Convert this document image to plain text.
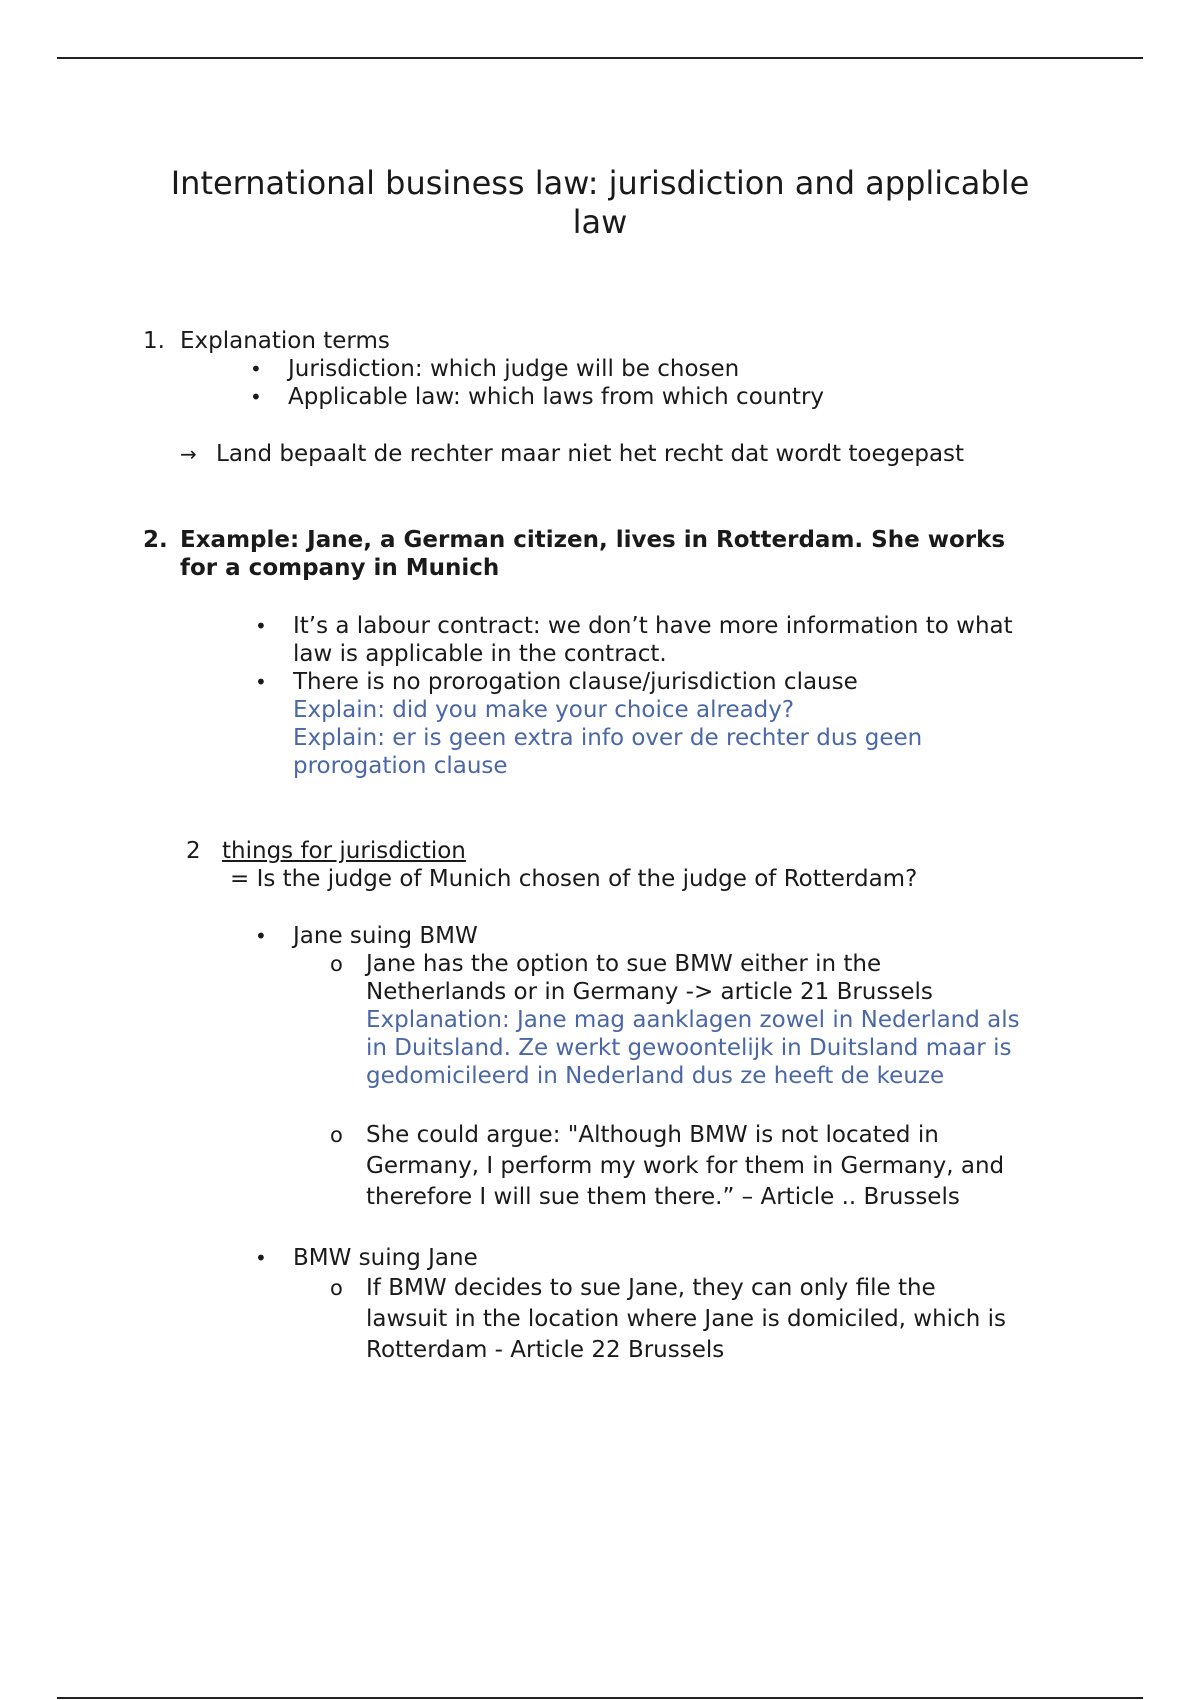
International business law: jurisdiction and applicable law
1. Explanation terms
• Jurisdiction: which judge will be chosen
• Applicable law: which laws from which country
→ Land bepaalt de rechter maar niet het recht dat wordt toegepast
2. Example: Jane, a German citizen, lives in Rotterdam. She works
for a company in Munich
• It’s a labour contract: we don’t have more information to what
law is applicable in the contract.
• There is no prorogation clause/jurisdiction clause
Explain: did you make your choice already?
Explain: er is geen extra info over de rechter dus geen
prorogation clause
2 things for jurisdiction
= Is the judge of Munich chosen of the judge of Rotterdam?
• Jane suing BMW
o Jane has the option to sue BMW either in the
Netherlands or in Germany -> article 21 Brussels
Explanation: Jane mag aanklagen zowel in Nederland als
in Duitsland. Ze werkt gewoontelijk in Duitsland maar is
gedomicileerd in Nederland dus ze heeft de keuze
o She could argue: "Although BMW is not located in
Germany, I perform my work for them in Germany, and
therefore I will sue them there.” – Article .. Brussels
• BMW suing Jane
o If BMW decides to sue Jane, they can only file the
lawsuit in the location where Jane is domiciled, which is
Rotterdam - Article 22 Brussels
